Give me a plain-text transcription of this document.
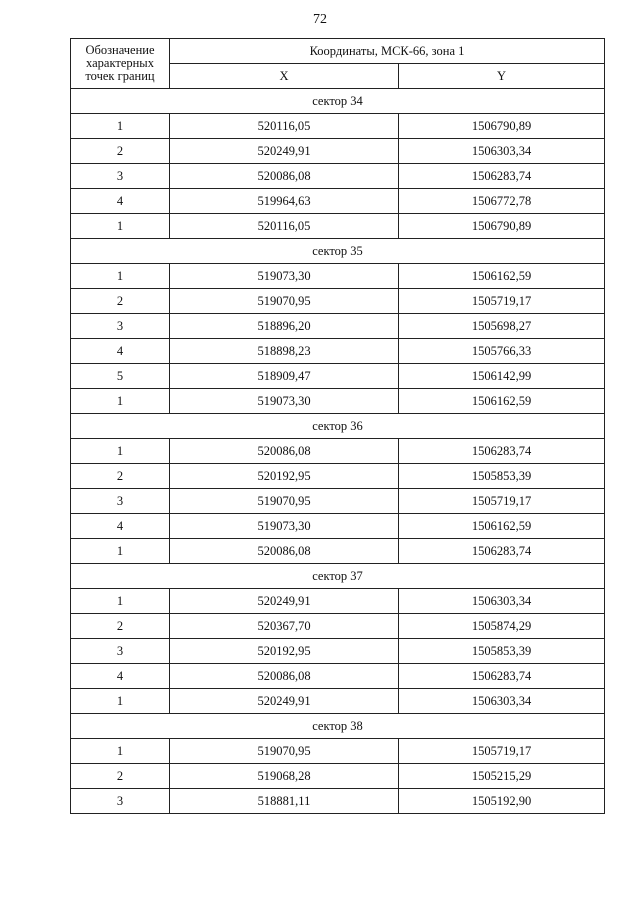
72
Обозначение характерных точек границ	Координаты, МСК-66, зона 1	
	X	Y
сектор 34		
1	520116,05	1506790,89
2	520249,91	1506303,34
3	520086,08	1506283,74
4	519964,63	1506772,78
1	520116,05	1506790,89
сектор 35		
1	519073,30	1506162,59
2	519070,95	1505719,17
3	518896,20	1505698,27
4	518898,23	1505766,33
5	518909,47	1506142,99
1	519073,30	1506162,59
сектор 36		
1	520086,08	1506283,74
2	520192,95	1505853,39
3	519070,95	1505719,17
4	519073,30	1506162,59
1	520086,08	1506283,74
сектор 37		
1	520249,91	1506303,34
2	520367,70	1505874,29
3	520192,95	1505853,39
4	520086,08	1506283,74
1	520249,91	1506303,34
сектор 38		
1	519070,95	1505719,17
2	519068,28	1505215,29
3	518881,11	1505192,90
